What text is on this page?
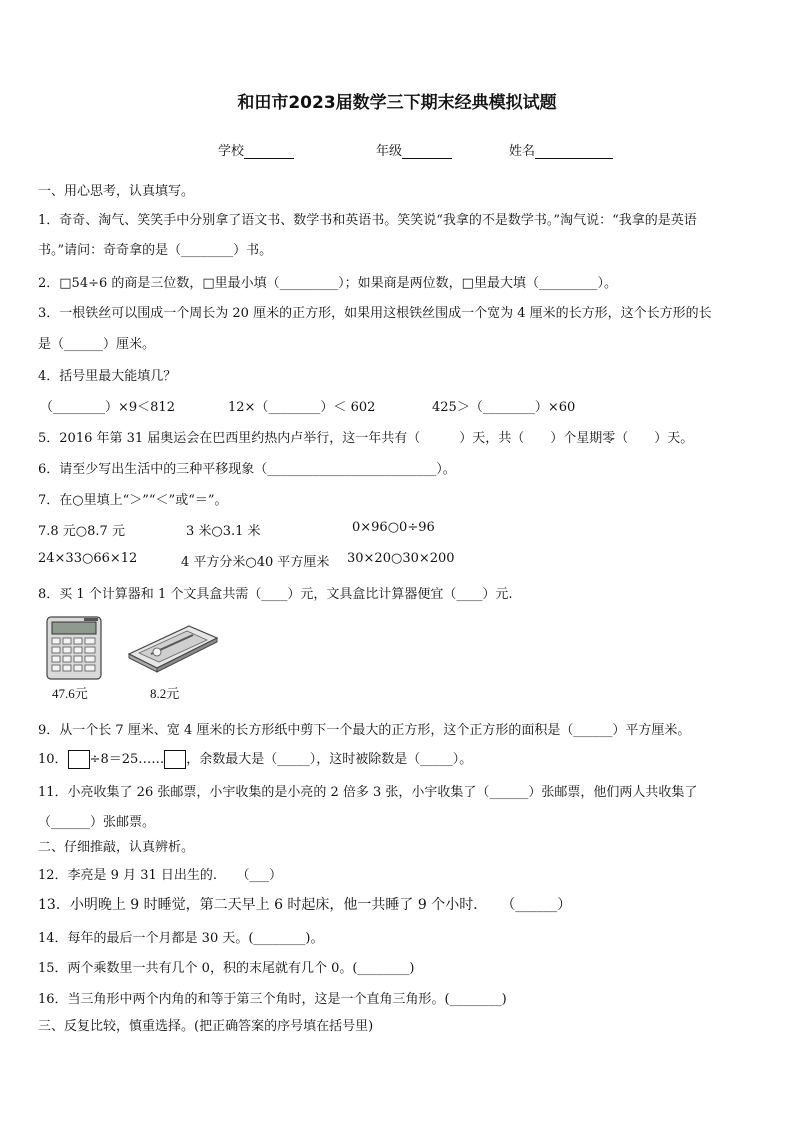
和田市2023届数学三下期末经典模拟试题
学校	年级	姓名
一、用心思考，认真填写。
1．奇奇、淘气、笑笑手中分别拿了语文书、数学书和英语书。笑笑说“我拿的不是数学书。”淘气说：“我拿的是英语
书。”请问：奇奇拿的是（________）书。
2．□54÷6 的商是三位数，□里最小填（_________）；如果商是两位数，□里最大填（_________）。
3．一根铁丝可以围成一个周长为 20 厘米的正方形，如果用这根铁丝围成一个宽为 4 厘米的长方形，这个长方形的长
是（______）厘米。
4．括号里最大能填几？
（________）×9＜812	12×（________）＜ 602	425＞（________）×60
5．2016 年第 31 届奥运会在巴西里约热内卢举行，这一年共有（　　　）天，共（　　）个星期零（　　）天。
6．请至少写出生活中的三种平移现象（__________________________）。
7．在○里填上“＞”“＜”或“＝”。
7.8 元○8.7 元	3 米○3.1 米	0×96○0÷96
24×33○66×12	4 平方分米○40 平方厘米 30×20○30×200
8．买 1 个计算器和 1 个文具盒共需（____）元，文具盒比计算器便宜（____）元.
47.6元	8.2元
9．从一个长 7 厘米、宽 4 厘米的长方形纸中剪下一个最大的正方形，这个正方形的面积是（______）平方厘米。
10． ÷8＝25…… ，余数最大是（_____），这时被除数是（_____）。
11．小亮收集了 26 张邮票，小宇收集的是小亮的 2 倍多 3 张，小宇收集了（______）张邮票，他们两人共收集了
（______）张邮票。
二、仔细推敲，认真辨析。
12．李亮是 9 月 31 日出生的.　　（___）
13．小明晚上 9 时睡觉，第二天早上 6 时起床，他一共睡了 9 个小时．　　（______）
14．每年的最后一个月都是 30 天。(________)。
15．两个乘数里一共有几个 0，积的末尾就有几个 0。(________)
16．当三角形中两个内角的和等于第三个角时，这是一个直角三角形。(________)
三、反复比较，慎重选择。(把正确答案的序号填在括号里)
